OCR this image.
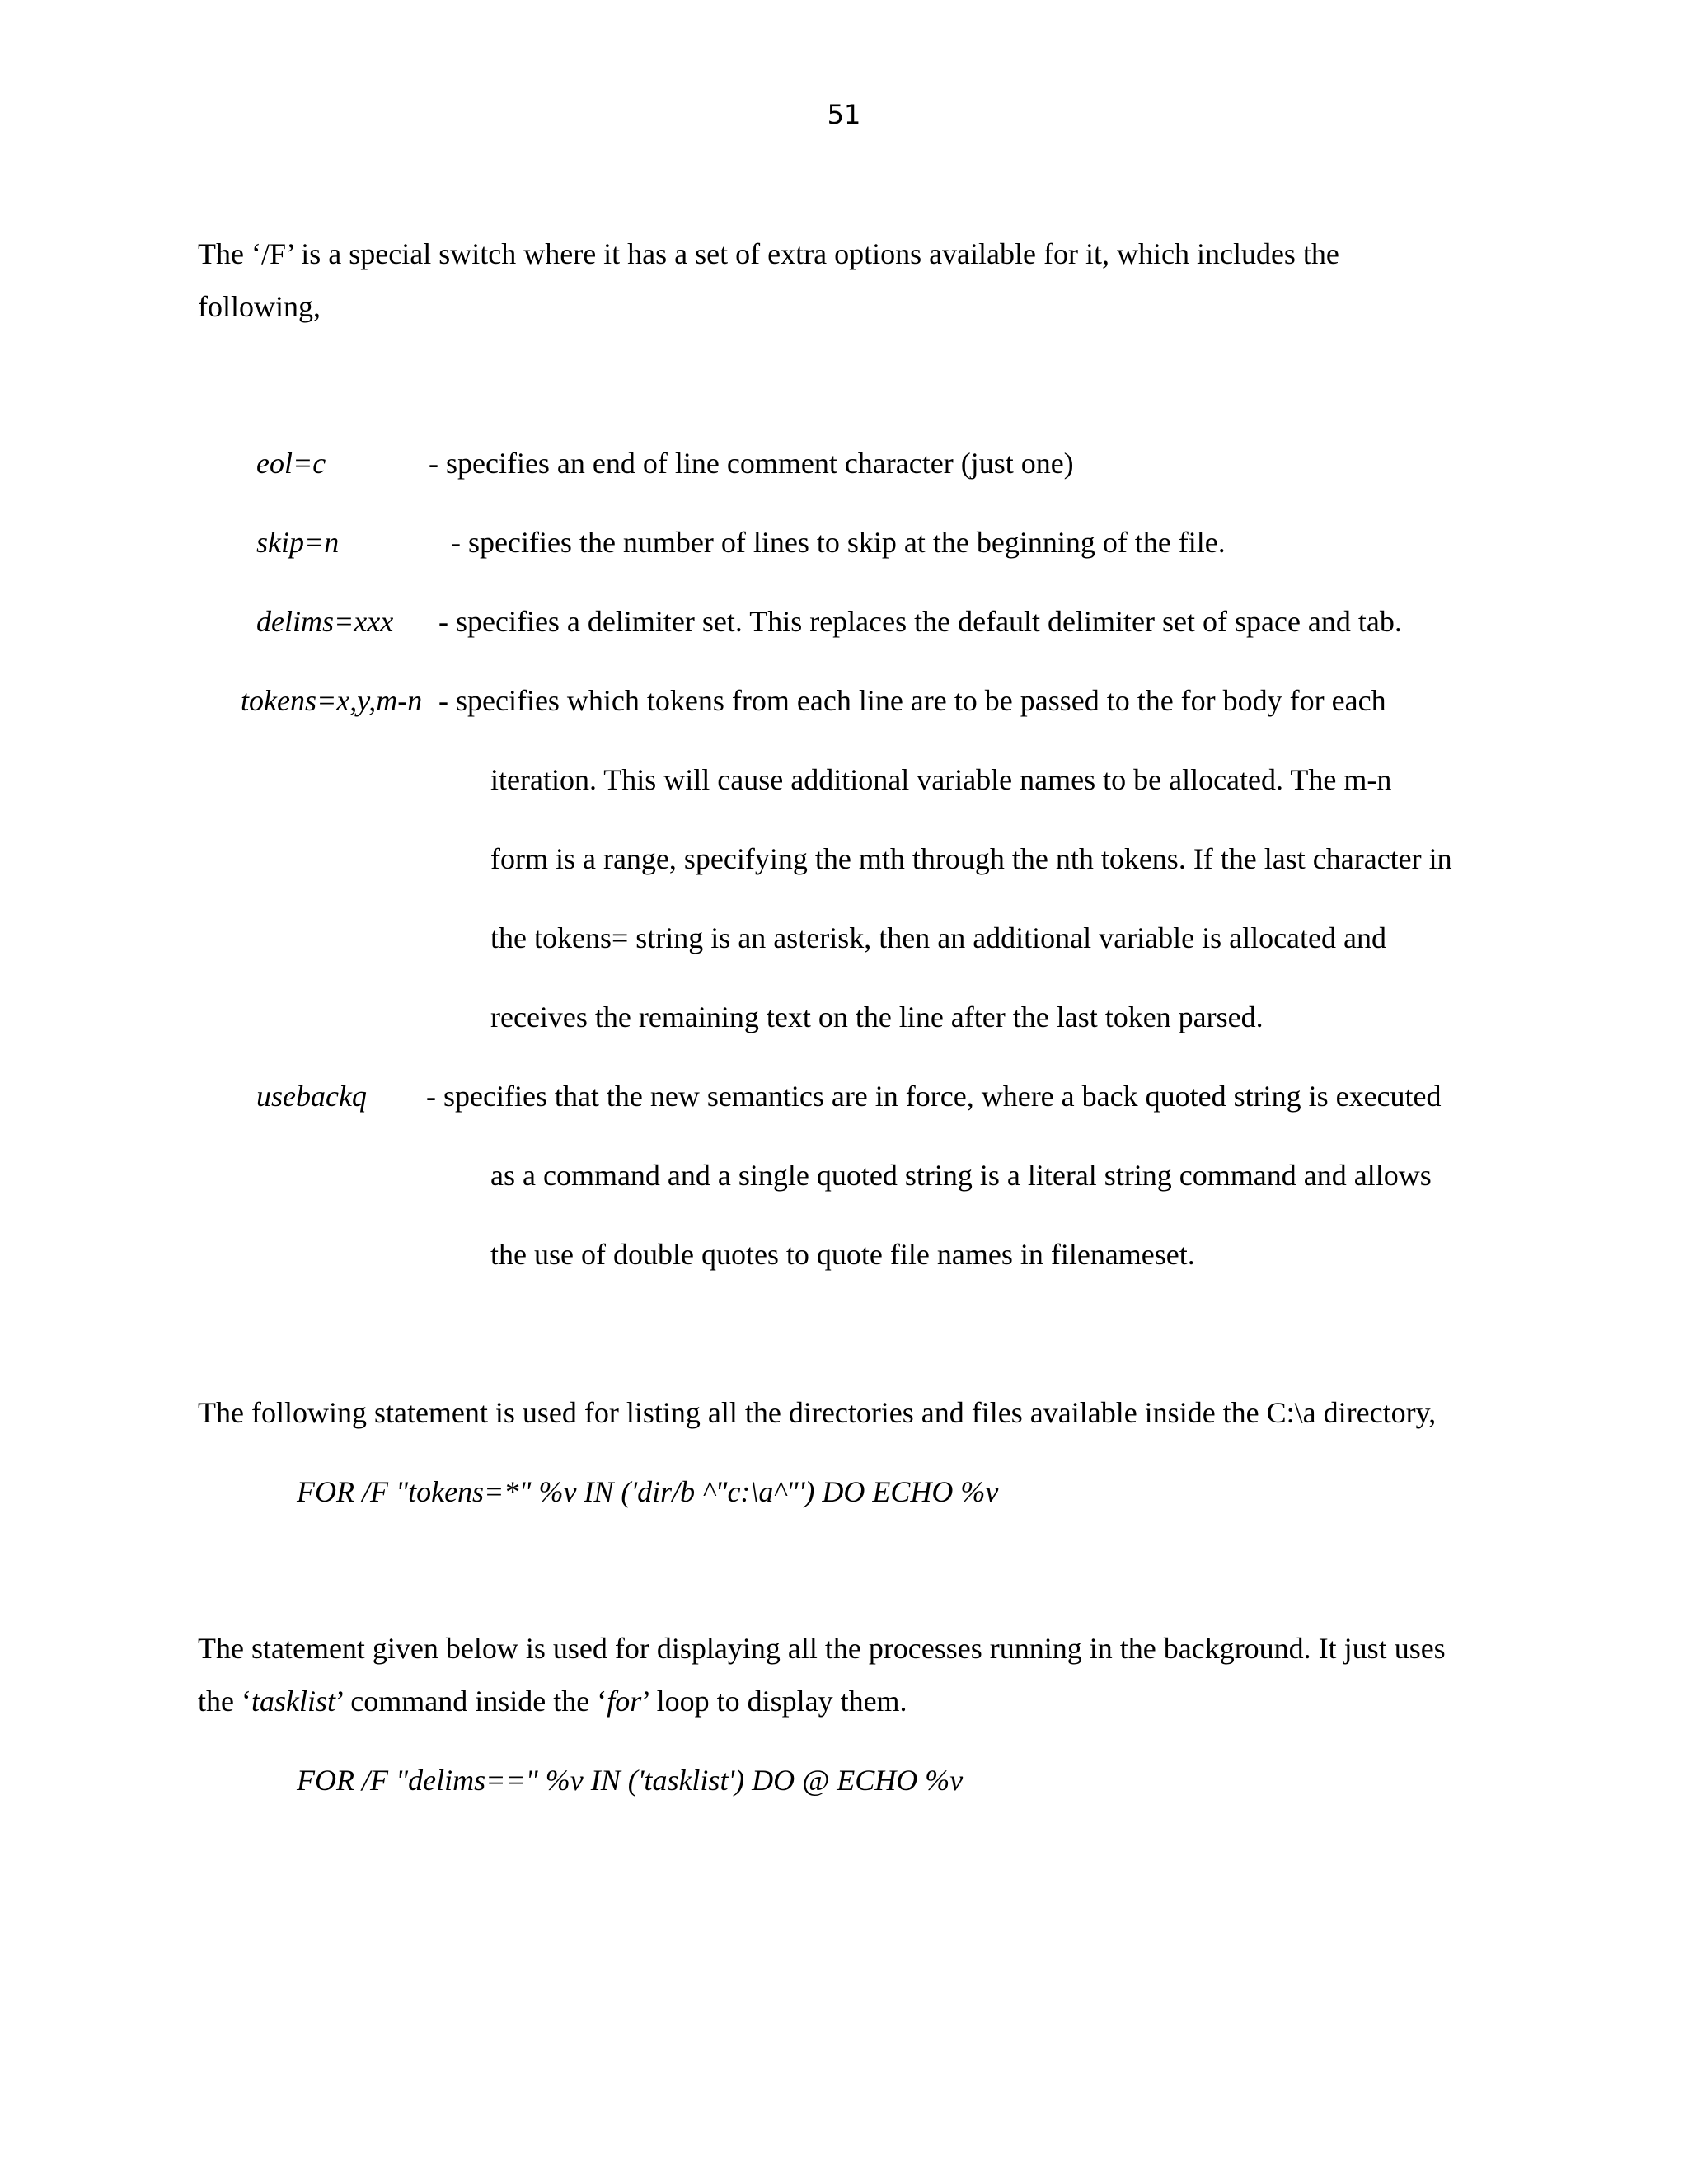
51
The ‘/F’ is a special switch where it has a set of extra options available for it, which includes the
following,
eol=c	- specifies an end of line comment character (just one)
skip=n	- specifies the number of lines to skip at the beginning of the file.
delims=xxx - specifies a delimiter set. This replaces the default delimiter set of space and tab.
tokens=x,y,m-n - specifies which tokens from each line are to be passed to the for body for each
iteration. This will cause additional variable names to be allocated. The m-n
form is a range, specifying the mth through the nth tokens. If the last character in
the tokens= string is an asterisk, then an additional variable is allocated and
receives the remaining text on the line after the last token parsed.
usebackq - specifies that the new semantics are in force, where a back quoted string is executed
as a command and a single quoted string is a literal string command and allows
the use of double quotes to quote file names in filenameset.
The following statement is used for listing all the directories and files available inside the C:\a directory,
FOR /F "tokens=*" %v IN ('dir/b ^"c:\a^"') DO ECHO %v
The statement given below is used for displaying all the processes running in the background. It just uses
the ‘tasklist’ command inside the ‘for’ loop to display them.
FOR /F "delims==" %v IN ('tasklist') DO @ ECHO %v
